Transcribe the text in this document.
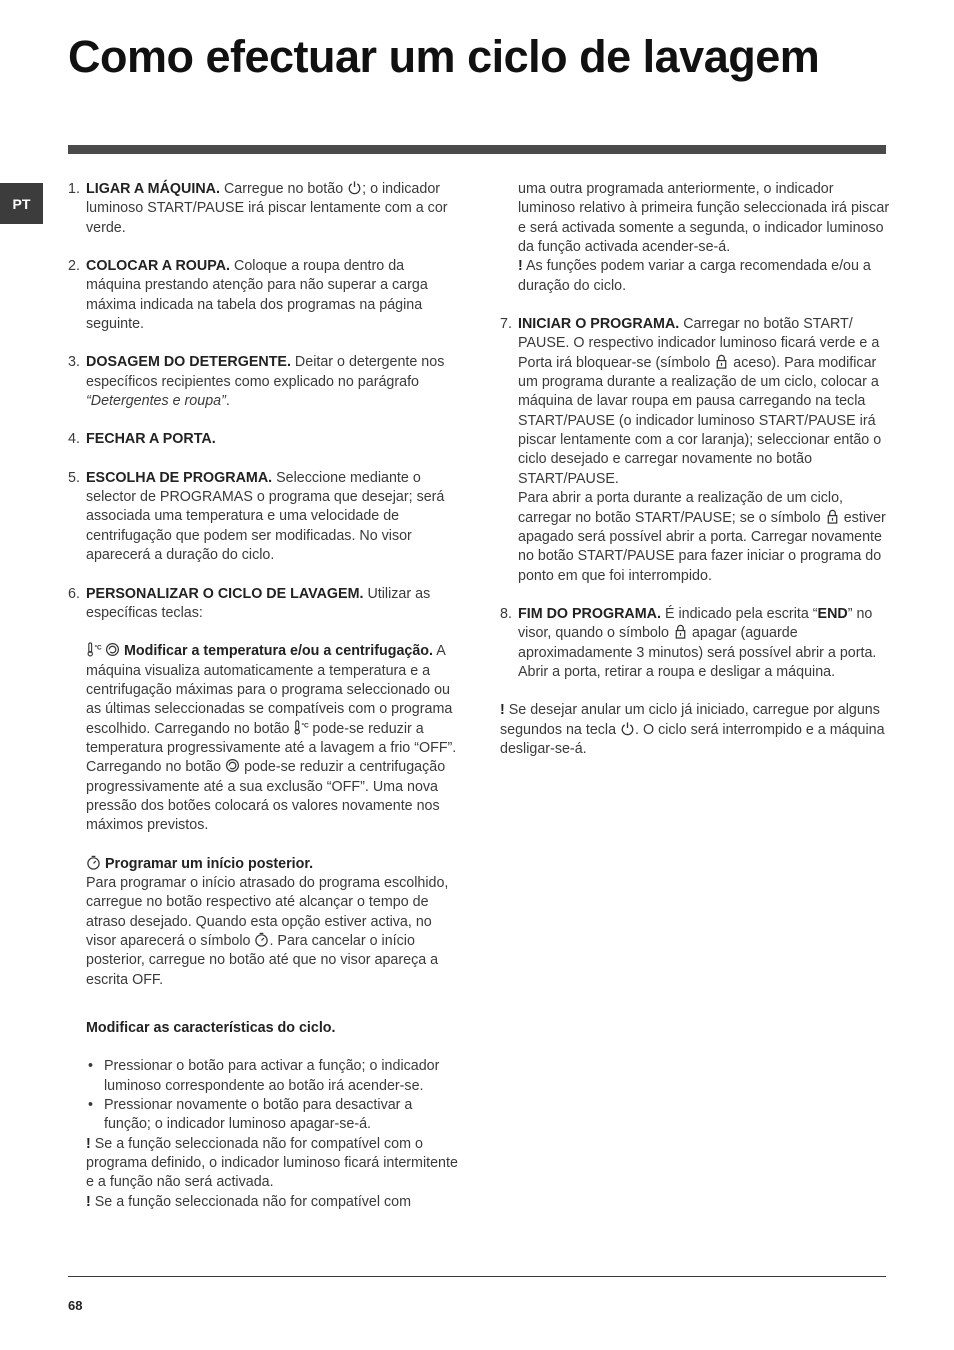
Como efectuar um ciclo de lavagem
PT
1. LIGAR A MÁQUINA. Carregue no botão
; o indicador luminoso START/PAUSE irá piscar lentamente com a cor verde.
2. COLOCAR A ROUPA. Coloque a roupa dentro da máquina prestando atenção para não superar a carga máxima indicada na tabela dos programas na página seguinte.
3. DOSAGEM DO DETERGENTE. Deitar o detergente nos específicos recipientes como explicado no parágrafo “Detergentes e roupa”.
4. FECHAR A PORTA.
5. ESCOLHA DE PROGRAMA. Seleccione mediante o selector de PROGRAMAS o programa que desejar; será associada uma temperatura e uma velocidade de centrifugação que podem ser modificadas. No visor aparecerá a duração do ciclo.
6. PERSONALIZAR O CICLO DE LAVAGEM. Utilizar as específicas teclas:
°C
Modificar a temperatura e/ou a centrifugação. A máquina visualiza automaticamente a temperatura e a centrifugação máximas para o programa seleccionado ou as últimas seleccionadas se compatíveis com o programa escolhido. Carregando no botão °C pode-se reduzir a temperatura progressivamente até a lavagem a frio “OFF”. Carregando no botão
pode-se reduzir a centrifugação progressivamente até a sua exclusão “OFF”. Uma nova pressão dos botões colocará os valores novamente nos máximos previstos.
Programar um início posterior.
Para programar o início atrasado do programa escolhido, carregue no botão respectivo até alcançar o tempo de atraso desejado. Quando esta opção estiver activa, no visor aparecerá o símbolo
. Para cancelar o início posterior, carregue no botão até que no visor apareça a escrita OFF.
Modificar as características do ciclo.
• Pressionar o botão para activar a função; o indicador luminoso correspondente ao botão irá acender-se.
• Pressionar novamente o botão para desactivar a função; o indicador luminoso apagar-se-á.
! Se a função seleccionada não for compatível com o programa definido, o indicador luminoso ficará intermitente e a função não será activada.
! Se a função seleccionada não for compatível com
uma outra programada anteriormente, o indicador luminoso relativo à primeira função seleccionada irá piscar e será activada somente a segunda, o indicador luminoso da função activada acender-se-á.
! As funções podem variar a carga recomendada e/ou a duração do ciclo.
7. INICIAR O PROGRAMA. Carregar no botão START/ PAUSE. O respectivo indicador luminoso ficará verde e a Porta irá bloquear-se (símbolo
aceso). Para modificar um programa durante a realização de um ciclo, colocar a máquina de lavar roupa em pausa carregando na tecla START/PAUSE (o indicador luminoso START/PAUSE irá piscar lentamente com a cor laranja); seleccionar então o ciclo desejado e carregar novamente no botão START/PAUSE.
Para abrir a porta durante a realização de um ciclo, carregar no botão START/PAUSE; se o símbolo
estiver apagado será possível abrir a porta. Carregar novamente no botão START/PAUSE para fazer iniciar o programa do ponto em que foi interrompido.
8. FIM DO PROGRAMA. É indicado pela escrita “END” no visor, quando o símbolo
apagar (aguarde aproximadamente 3 minutos) será possível abrir a porta. Abrir a porta, retirar a roupa e desligar a máquina.
! Se desejar anular um ciclo já iniciado, carregue por alguns segundos na tecla
. O ciclo será interrompido e a máquina desligar-se-á.
68
